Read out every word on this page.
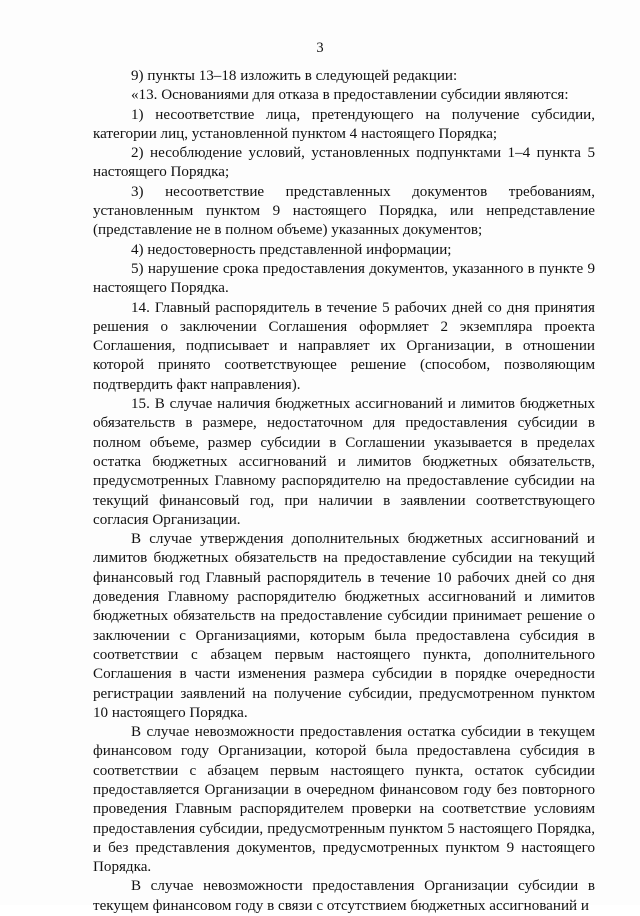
3

9) пункты 13–18 изложить в следующей редакции:

«13. Основаниями для отказа в предоставлении субсидии являются:

1) несоответствие лица, претендующего на получение субсидии, категории лиц, установленной пунктом 4 настоящего Порядка;

2) несоблюдение условий, установленных подпунктами 1–4 пункта 5 настоящего Порядка;

3) несоответствие представленных документов требованиям, установленным пунктом 9 настоящего Порядка, или непредставление (представление не в полном объеме) указанных документов;

4) недостоверность представленной информации;

5) нарушение срока предоставления документов, указанного в пункте 9 настоящего Порядка.

14. Главный распорядитель в течение 5 рабочих дней со дня принятия решения о заключении Соглашения оформляет 2 экземпляра проекта Соглашения, подписывает и направляет их Организации, в отношении которой принято соответствующее решение (способом, позволяющим подтвердить факт направления).

15. В случае наличия бюджетных ассигнований и лимитов бюджетных обязательств в размере, недостаточном для предоставления субсидии в полном объеме, размер субсидии в Соглашении указывается в пределах остатка бюджетных ассигнований и лимитов бюджетных обязательств, предусмотренных Главному распорядителю на предоставление субсидии на текущий финансовый год, при наличии в заявлении соответствующего согласия Организации.

В случае утверждения дополнительных бюджетных ассигнований и лимитов бюджетных обязательств на предоставление субсидии на текущий финансовый год Главный распорядитель в течение 10 рабочих дней со дня доведения Главному распорядителю бюджетных ассигнований и лимитов бюджетных обязательств на предоставление субсидии принимает решение о заключении с Организациями, которым была предоставлена субсидия в соответствии с абзацем первым настоящего пункта, дополнительного Соглашения в части изменения размера субсидии в порядке очередности регистрации заявлений на получение субсидии, предусмотренном пунктом 10 настоящего Порядка.

В случае невозможности предоставления остатка субсидии в текущем финансовом году Организации, которой была предоставлена субсидия в соответствии с абзацем первым настоящего пункта, остаток субсидии предоставляется Организации в очередном финансовом году без повторного проведения Главным распорядителем проверки на соответствие условиям предоставления субсидии, предусмотренным пунктом 5 настоящего Порядка, и без представления документов, предусмотренных пунктом 9 настоящего Порядка.

В случае невозможности предоставления Организации субсидии в текущем финансовом году в связи с отсутствием бюджетных ассигнований и
